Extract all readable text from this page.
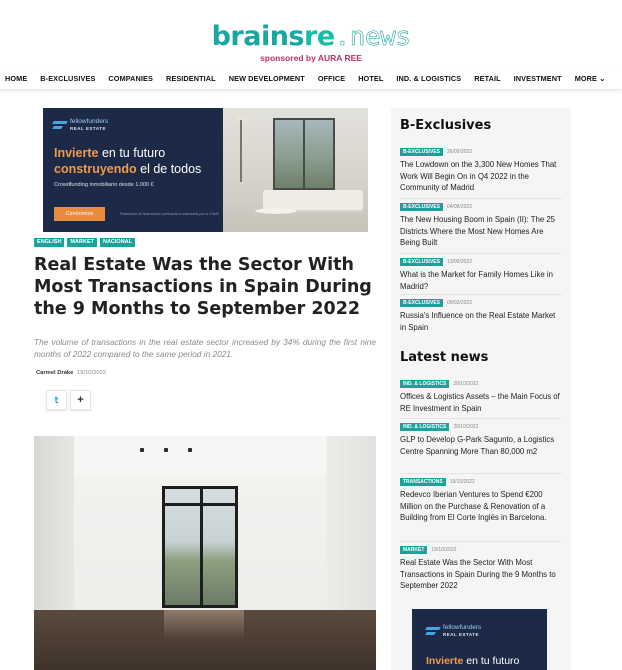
brainsre.news
sponsored by AURA REE
HOME B-EXCLUSIVES COMPANIES RESIDENTIAL NEW DEVELOPMENT OFFICE HOTEL IND. & LOGISTICS RETAIL INVESTMENT MORE ⌄
fellowfunders
REAL ESTATE
Invierte en tu futuro
construyendo el de todos
Crowdfunding inmobiliario desde 1.000 €
Conócenos	Plataforma de financiación participativa autorizada por la CNMV
ENGLISH	MARKET	NACIONAL
Real Estate Was the Sector With Most Transactions in Spain During the 9 Months to September 2022

The volume of transactions in the real estate sector increased by 34% during the first nine months of 2022 compared to the same period in 2021.

Carmel Drake 19/10/2022
𝗍	+
B-Exclusives
B-EXCLUSIVES	26/09/2022
The Lowdown on the 3,300 New Homes That Work Will Begin On in Q4 2022 in the Community of Madrid
B-EXCLUSIVES	04/08/2022
The New Housing Boom in Spain (II): The 25 Districts Where the Most New Homes Are Being Built
B-EXCLUSIVES	13/06/2022
What is the Market for Family Homes Like in Madrid?
B-EXCLUSIVES	09/03/2022
Russia's Influence on the Real Estate Market in Spain
Latest news
IND. & LOGISTICS	20/10/2022
Offices & Logistics Assets – the Main Focus of RE Investment in Spain
IND. & LOGISTICS	20/10/2022
GLP to Develop G-Park Sagunto, a Logistics Centre Spanning More Than 80,000 m2
TRANSACTIONS	19/10/2022
Redevco Iberian Ventures to Spend €200 Million on the Purchase & Renovation of a Building from El Corte Inglés in Barcelona.
MARKET	19/10/2022
Real Estate Was the Sector With Most Transactions in Spain During the 9 Months to September 2022
fellowfunders
REAL ESTATE
Invierte en tu futuro
